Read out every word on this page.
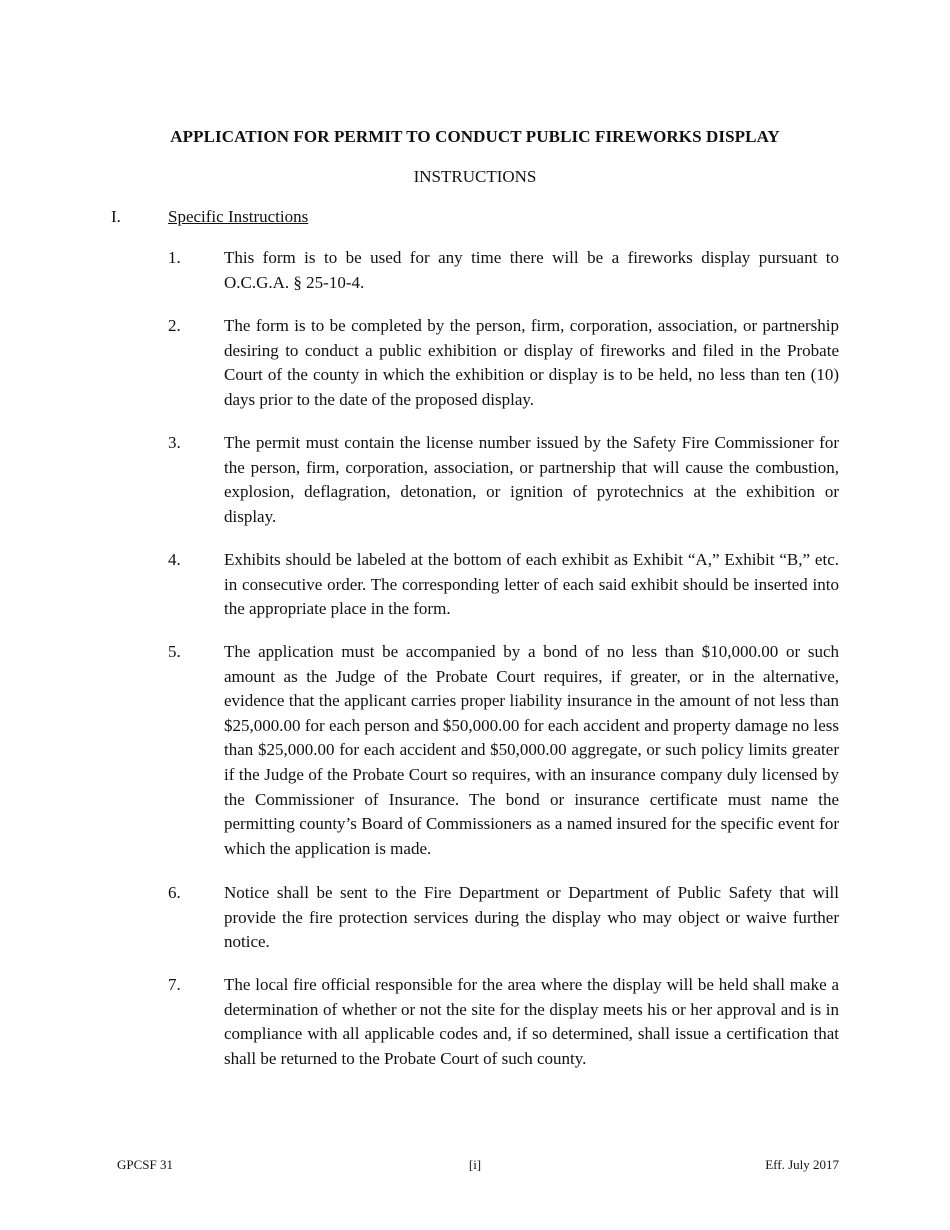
APPLICATION FOR PERMIT TO CONDUCT PUBLIC FIREWORKS DISPLAY
INSTRUCTIONS
I.	Specific Instructions
1.	This form is to be used for any time there will be a fireworks display pursuant to O.C.G.A. § 25-10-4.
2.	The form is to be completed by the person, firm, corporation, association, or partnership desiring to conduct a public exhibition or display of fireworks and filed in the Probate Court of the county in which the exhibition or display is to be held, no less than ten (10) days prior to the date of the proposed display.
3.	The permit must contain the license number issued by the Safety Fire Commissioner for the person, firm, corporation, association, or partnership that will cause the combustion, explosion, deflagration, detonation, or ignition of pyrotechnics at the exhibition or display.
4.	Exhibits should be labeled at the bottom of each exhibit as Exhibit “A,” Exhibit “B,” etc. in consecutive order. The corresponding letter of each said exhibit should be inserted into the appropriate place in the form.
5.	The application must be accompanied by a bond of no less than $10,000.00 or such amount as the Judge of the Probate Court requires, if greater, or in the alternative, evidence that the applicant carries proper liability insurance in the amount of not less than $25,000.00 for each person and $50,000.00 for each accident and property damage no less than $25,000.00 for each accident and $50,000.00 aggregate, or such policy limits greater if the Judge of the Probate Court so requires, with an insurance company duly licensed by the Commissioner of Insurance. The bond or insurance certificate must name the permitting county’s Board of Commissioners as a named insured for the specific event for which the application is made.
6.	Notice shall be sent to the Fire Department or Department of Public Safety that will provide the fire protection services during the display who may object or waive further notice.
7.	The local fire official responsible for the area where the display will be held shall make a determination of whether or not the site for the display meets his or her approval and is in compliance with all applicable codes and, if so determined, shall issue a certification that shall be returned to the Probate Court of such county.
GPCSF 31	[i]	Eff. July 2017
